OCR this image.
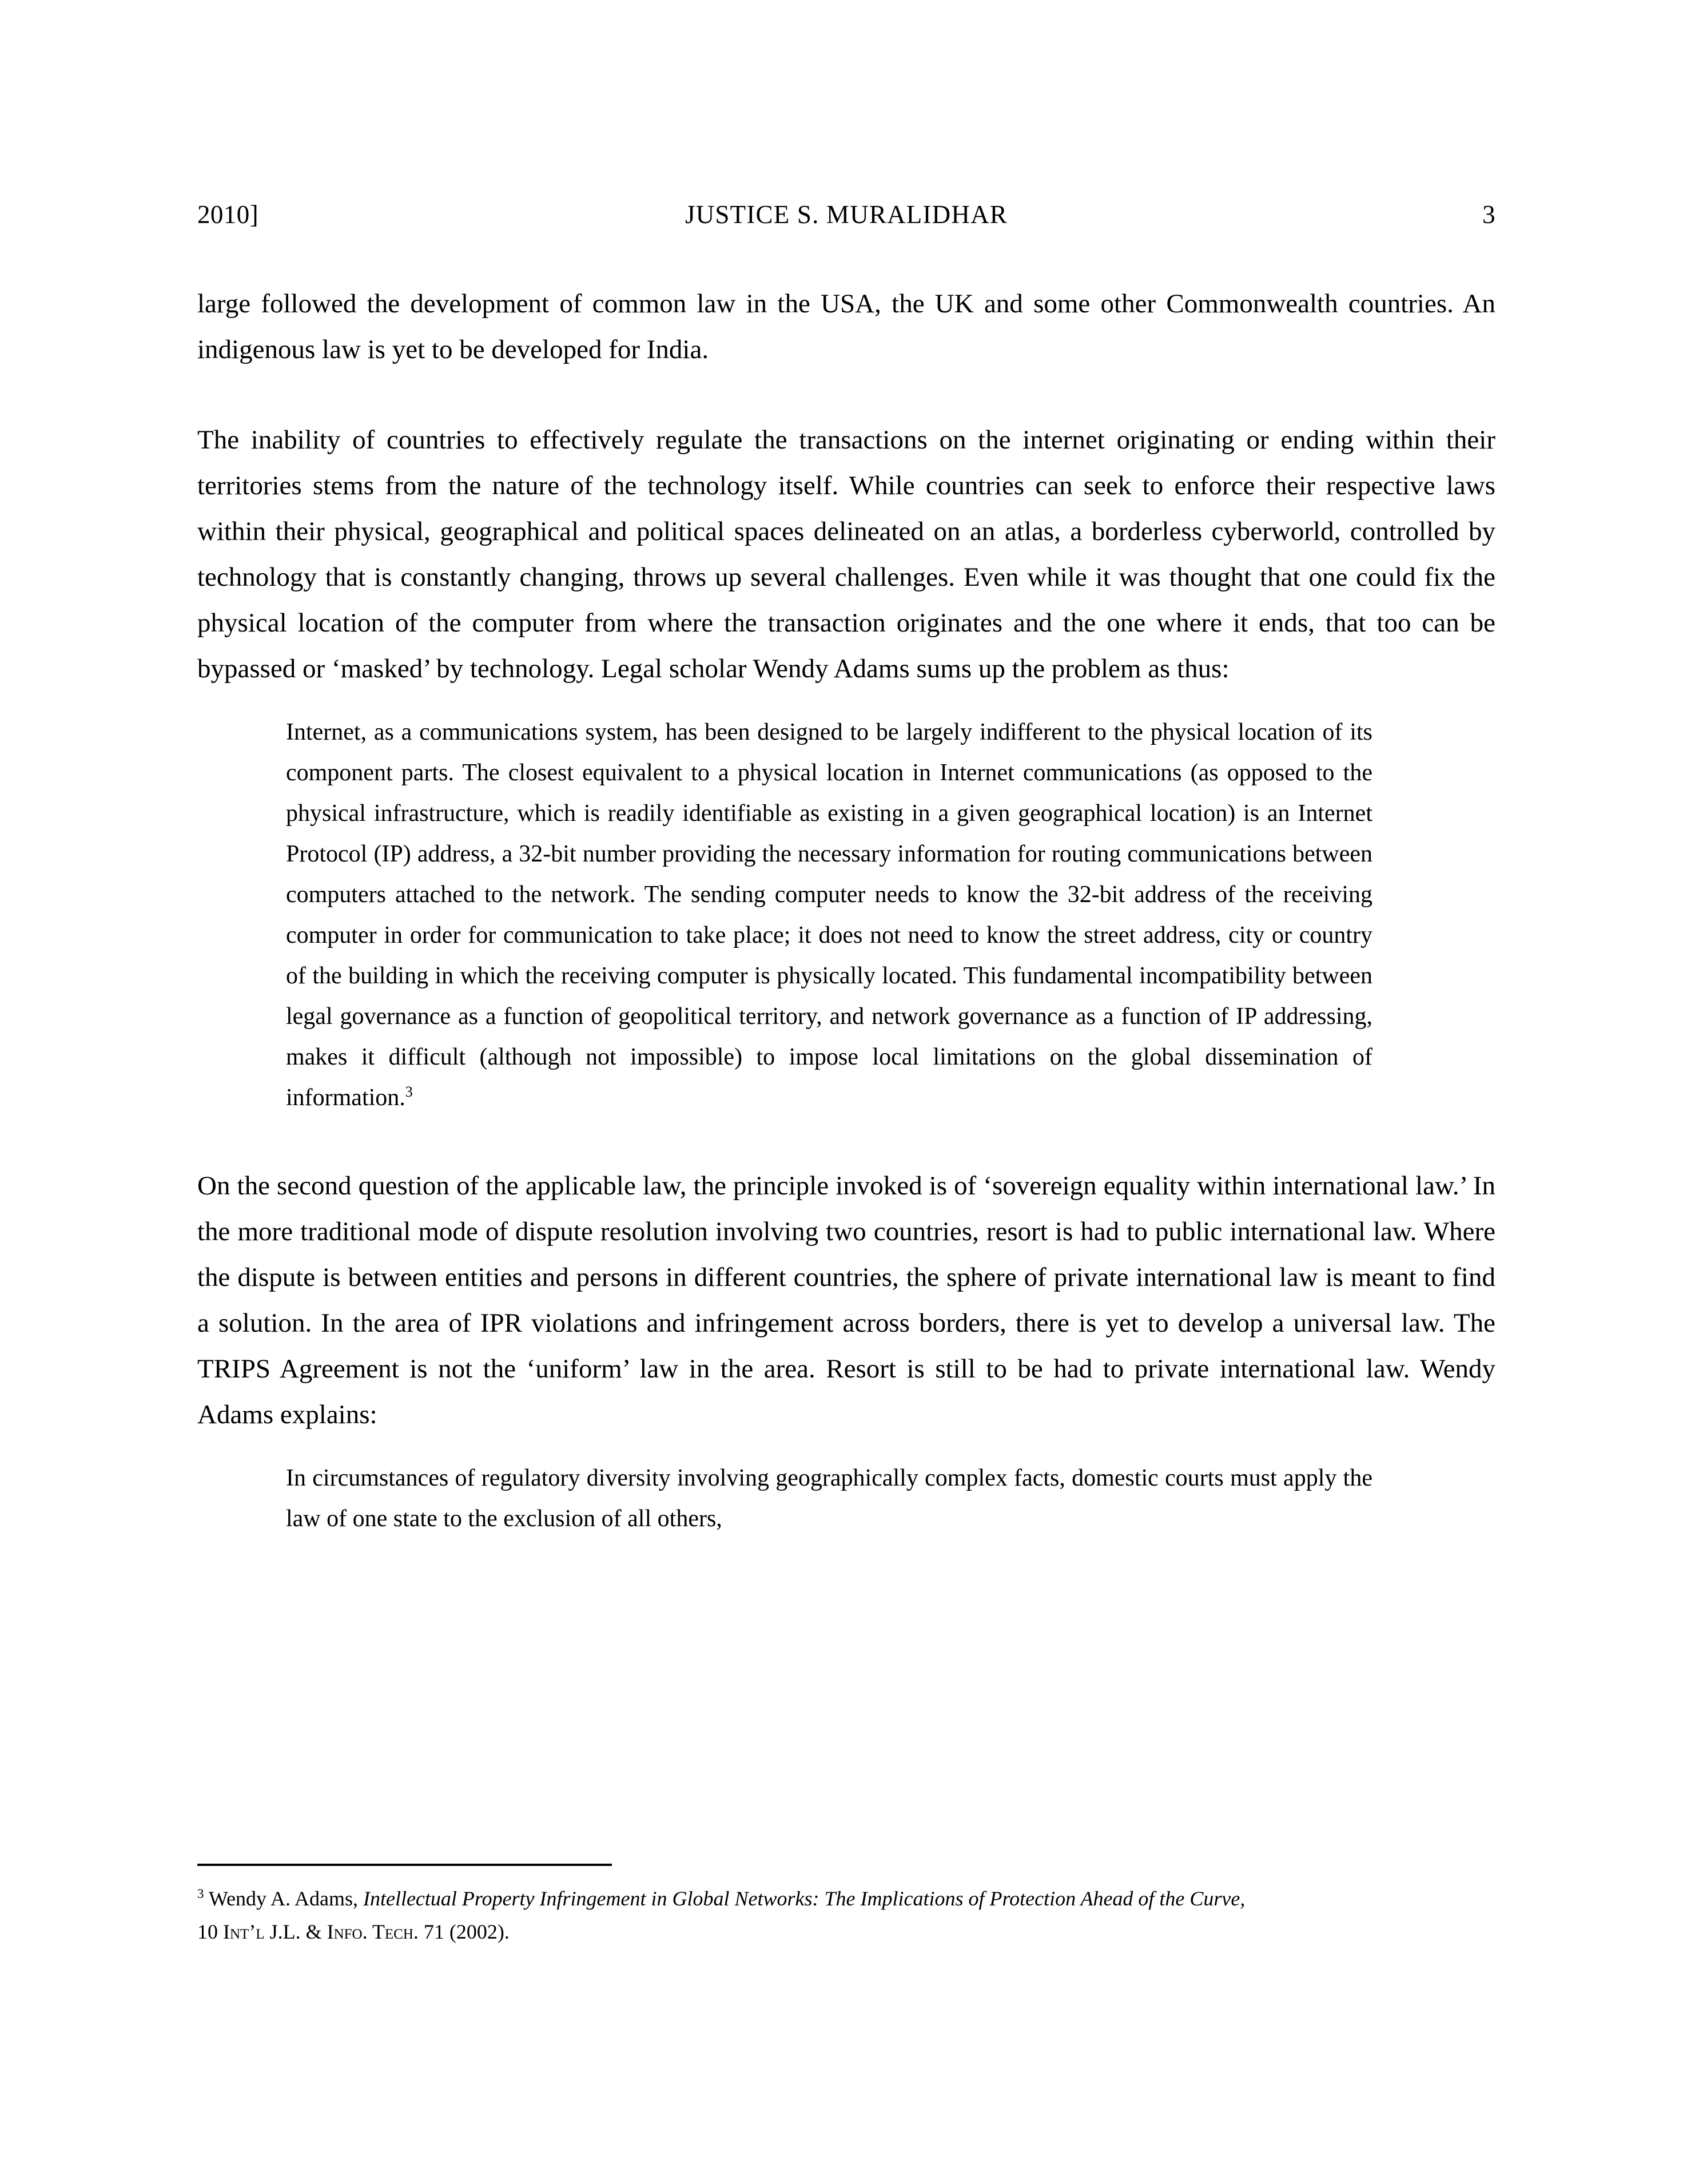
2010]	JUSTICE S. MURALIDHAR	3

large followed the development of common law in the USA, the UK and some other Commonwealth countries. An indigenous law is yet to be developed for India.

The inability of countries to effectively regulate the transactions on the internet originating or ending within their territories stems from the nature of the technology itself. While countries can seek to enforce their respective laws within their physical, geographical and political spaces delineated on an atlas, a borderless cyberworld, controlled by technology that is constantly changing, throws up several challenges. Even while it was thought that one could fix the physical location of the computer from where the transaction originates and the one where it ends, that too can be bypassed or ‘masked’ by technology. Legal scholar Wendy Adams sums up the problem as thus:

Internet, as a communications system, has been designed to be largely indifferent to the physical location of its component parts. The closest equivalent to a physical location in Internet communications (as opposed to the physical infrastructure, which is readily identifiable as existing in a given geographical location) is an Internet Protocol (IP) address, a 32-bit number providing the necessary information for routing communications between computers attached to the network. The sending computer needs to know the 32-bit address of the receiving computer in order for communication to take place; it does not need to know the street address, city or country of the building in which the receiving computer is physically located. This fundamental incompatibility between legal governance as a function of geopolitical territory, and network governance as a function of IP addressing, makes it difficult (although not impossible) to impose local limitations on the global dissemination of information.$^3$

On the second question of the applicable law, the principle invoked is of ‘sovereign equality within international law.’ In the more traditional mode of dispute resolution involving two countries, resort is had to public international law. Where the dispute is between entities and persons in different countries, the sphere of private international law is meant to find a solution. In the area of IPR violations and infringement across borders, there is yet to develop a universal law. The TRIPS Agreement is not the ‘uniform’ law in the area. Resort is still to be had to private international law. Wendy Adams explains:

In circumstances of regulatory diversity involving geographically complex facts, domestic courts must apply the law of one state to the exclusion of all others,

$^3$ Wendy A. Adams, Intellectual Property Infringement in Global Networks: The Implications of Protection Ahead of the Curve,
10 Int’l J.L. & Info. Tech. 71 (2002).
